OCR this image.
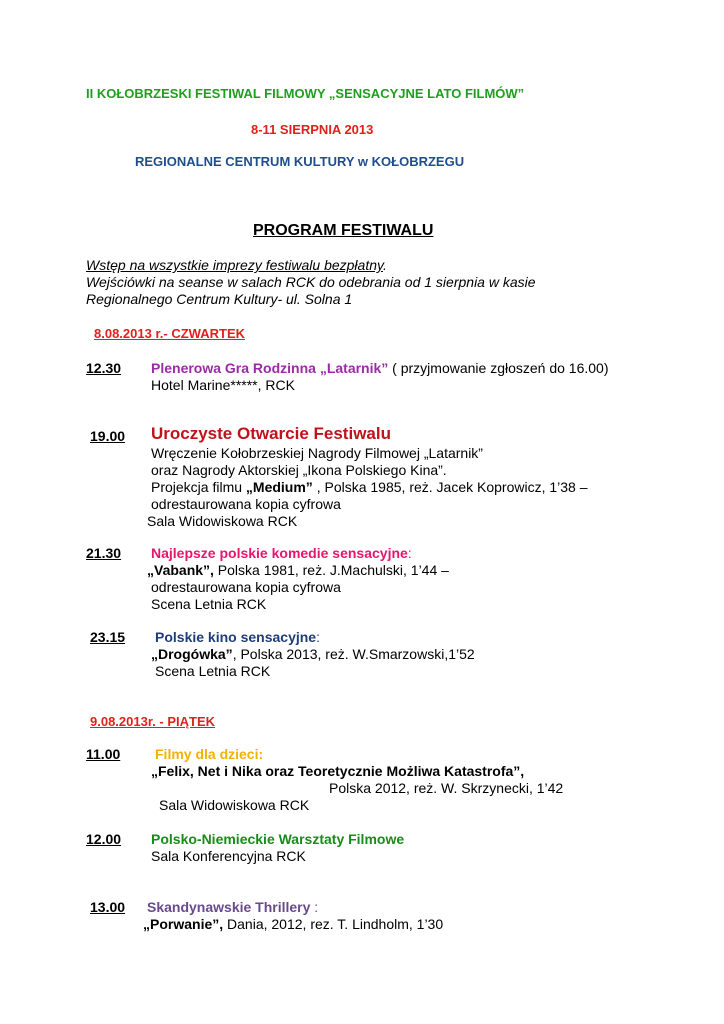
II KOŁOBRZESKI FESTIWAL FILMOWY „SENSACYJNE LATO FILMÓW”
8-11 SIERPNIA 2013
REGIONALNE CENTRUM KULTURY w KOŁOBRZEGU
PROGRAM FESTIWALU
Wstęp na wszystkie imprezy festiwalu bezpłatny.
Wejściówki na seanse w salach RCK do odebrania od 1 sierpnia w kasie
Regionalnego Centrum Kultury- ul. Solna 1
8.08.2013 r.- CZWARTEK
12.30 Plenerowa Gra Rodzinna „Latarnik” ( przyjmowanie zgłoszeń do 16.00)
Hotel Marine*****, RCK
19.00 Uroczyste Otwarcie Festiwalu
Wręczenie Kołobrzeskiej Nagrody Filmowej „Latarnik”
oraz Nagrody Aktorskiej „Ikona Polskiego Kina”.
Projekcja filmu „Medium” , Polska 1985, reż. Jacek Koprowicz, 1’38 –
odrestaurowana kopia cyfrowa
Sala Widowiskowa RCK
21.30 Najlepsze polskie komedie sensacyjne:
„Vabank”, Polska 1981, reż. J.Machulski, 1’44 –
odrestaurowana kopia cyfrowa
Scena Letnia RCK
23.15 Polskie kino sensacyjne:
„Drogówka”, Polska 2013, reż. W.Smarzowski,1’52
Scena Letnia RCK
9.08.2013r. - PIĄTEK
11.00 Filmy dla dzieci:
„Felix, Net i Nika oraz Teoretycznie Możliwa Katastrofa”,
Polska 2012, reż. W. Skrzynecki, 1’42
Sala Widowiskowa RCK
12.00 Polsko-Niemieckie Warsztaty Filmowe
Sala Konferencyjna RCK
13.00 Skandynawskie Thrillery :
„Porwanie”, Dania, 2012, rez. T. Lindholm, 1’30
